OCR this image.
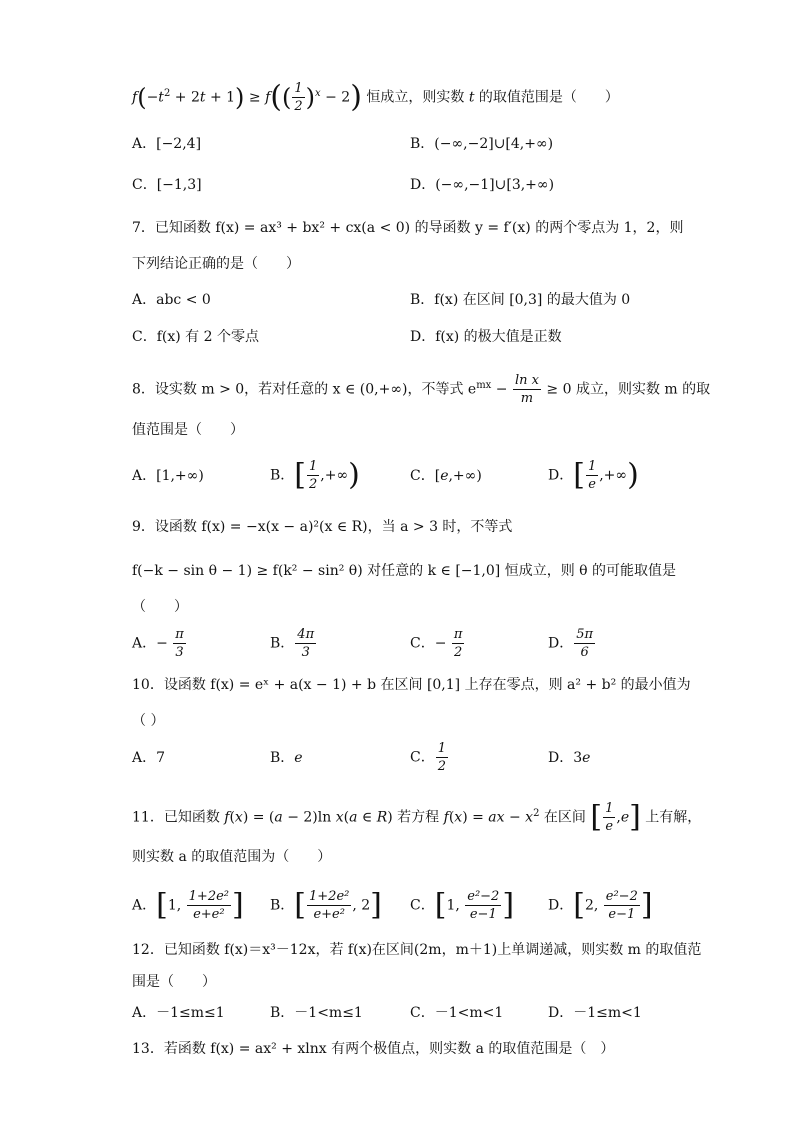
$f(-t^2 + 2t + 1) \ge f(( \frac{1}{2} )^x - 2)$ 恒成立，则实数 t 的取值范围是（　　）
A．[−2,4]	B．(−∞,−2]∪[4,+∞)
C．[−1,3]	D．(−∞,−1]∪[3,+∞)
7．已知函数 f(x) = ax³ + bx² + cx(a < 0) 的导函数 y = f′(x) 的两个零点为 1，2，则
下列结论正确的是（　　）
A．abc < 0	B．f(x) 在区间 [0,3] 的最大值为 0
C．f(x) 有 2 个零点	D．f(x) 的极大值是正数
8．设实数 m > 0，若对任意的 x ∈ (0,+∞)，不等式 $e^{mx} - \frac{\text{ln x}}{m} \ge 0$ 成立，则实数 m 的取
值范围是（　　）
A．[1,+∞)	B．[ $\frac{1}{2}$ ,+∞)	C．[e,+∞)	D．[ $\frac{1}{e}$ ,+∞)
9．设函数 f(x) = −x(x − a)²(x ∈ R)，当 a > 3 时，不等式
f(−k − sin θ − 1) ≥ f(k² − sin² θ) 对任意的 k ∈ [−1,0] 恒成立，则 θ 的可能取值是
（　　）
A．− $\frac{\pi}{3}$	B． $\frac{4\pi}{3}$	C．− $\frac{\pi}{2}$	D． $\frac{5\pi}{6}$
10．设函数 f(x) = eˣ + a(x − 1) + b 在区间 [0,1] 上存在零点，则 a² + b² 的最小值为
（ ）
A．7	B．e	C． $\frac{1}{2}$	D．3e
11．已知函数 f(x) = (a − 2)ln x(a ∈ R) 若方程 f(x) = ax − $x^2$ 在区间 [ $\frac{1}{e} ,e$] 上有解，
则实数 a 的取值范围为（　　）
A．[1, $\frac{\text{1+2e²}}{\text{e+e²}}$ ] B．[ $\frac{\text{1+2e²}}{\text{e+e²}}$ , 2] C．[1, $\frac{\text{e²−2}}{e-1}$ ] D．[2, $\frac{\text{e²−2}}{e-1}$ ]
12．已知函数 f(x)＝x³－12x，若 f(x)在区间(2m，m＋1)上单调递减，则实数 m 的取值范
围是（　　）
A．－1≤m≤1	B．－1<m≤1	C．－1<m<1	D．－1≤m<1
13．若函数 f(x) = ax² + xlnx 有两个极值点，则实数 a 的取值范围是（　）
